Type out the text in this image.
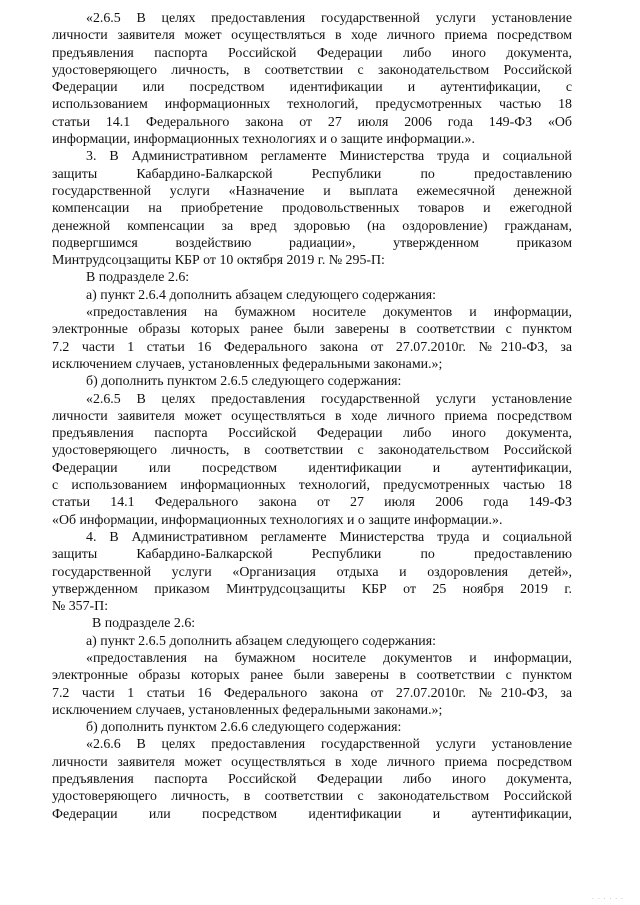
«2.6.5 В целях предоставления государственной услуги установление
личности заявителя может осуществляться в ходе личного приема посредством
предъявления паспорта Российской Федерации либо иного документа,
удостоверяющего личность, в соответствии с законодательством Российской
Федерации или посредством идентификации и аутентификации, с
использованием информационных технологий, предусмотренных частью 18
статьи 14.1 Федерального закона от 27 июля 2006 года 149-ФЗ «Об
информации, информационных технологиях и о защите информации.».
3. В Административном регламенте Министерства труда и социальной
защиты Кабардино-Балкарской Республики по предоставлению
государственной услуги «Назначение и выплата ежемесячной денежной
компенсации на приобретение продовольственных товаров и ежегодной
денежной компенсации за вред здоровью (на оздоровление) гражданам,
подвергшимся воздействию радиации», утвержденном приказом
Минтрудсоцзащиты КБР от 10 октября 2019 г. № 295-П:
В подразделе 2.6:
а) пункт 2.6.4 дополнить абзацем следующего содержания:
«предоставления на бумажном носителе документов и информации,
электронные образы которых ранее были заверены в соответствии с пунктом
7.2 части 1 статьи 16 Федерального закона от 27.07.2010г. №210-ФЗ, за
исключением случаев, установленных федеральными законами.»;
б) дополнить пунктом 2.6.5 следующего содержания:
«2.6.5 В целях предоставления государственной услуги установление
личности заявителя может осуществляться в ходе личного приема посредством
предъявления паспорта Российской Федерации либо иного документа,
удостоверяющего личность, в соответствии с законодательством Российской
Федерации или посредством идентификации и аутентификации,
с использованием информационных технологий, предусмотренных частью 18
статьи 14.1 Федерального закона от 27 июля 2006 года 149-ФЗ
«Об информации, информационных технологиях и о защите информации.».
4. В Административном регламенте Министерства труда и социальной
защиты Кабардино-Балкарской Республики по предоставлению
государственной услуги «Организация отдыха и оздоровления детей»,
утвержденном приказом Минтрудсоцзащиты КБР от 25 ноября 2019 г.
№ 357-П:
В подразделе 2.6:
а) пункт 2.6.5 дополнить абзацем следующего содержания:
«предоставления на бумажном носителе документов и информации,
электронные образы которых ранее были заверены в соответствии с пунктом
7.2 части 1 статьи 16 Федерального закона от 27.07.2010г. №210-ФЗ, за
исключением случаев, установленных федеральными законами.»;
б) дополнить пунктом 2.6.6 следующего содержания:
«2.6.6 В целях предоставления государственной услуги установление
личности заявителя может осуществляться в ходе личного приема посредством
предъявления паспорта Российской Федерации либо иного документа,
удостоверяющего личность, в соответствии с законодательством Российской
Федерации или посредством идентификации и аутентификации,
· · · · · ·
